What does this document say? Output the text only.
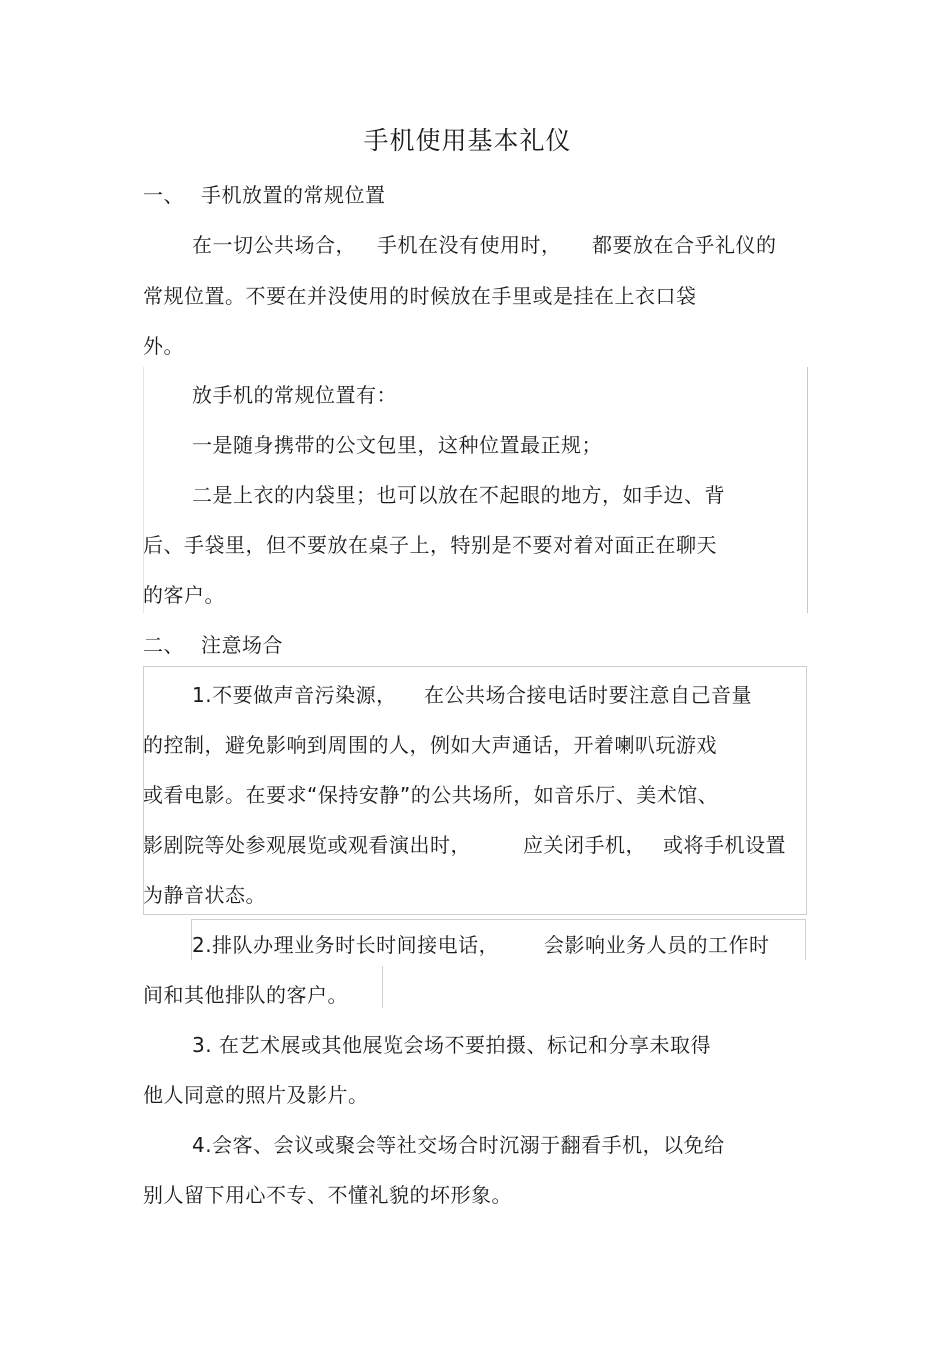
手机使用基本礼仪
一、 手机放置的常规位置
在一切公共场合， 手机在没有使用时， 都要放在合乎礼仪的
常规位置。不要在并没使用的时候放在手里或是挂在上衣口袋
外。
放手机的常规位置有：
一是随身携带的公文包里，这种位置最正规；
二是上衣的内袋里；也可以放在不起眼的地方，如手边、背
后、手袋里，但不要放在桌子上，特别是不要对着对面正在聊天
的客户。
二、 注意场合
1.不要做声音污染源， 在公共场合接电话时要注意自己音量
的控制，避免影响到周围的人，例如大声通话，开着喇叭玩游戏
或看电影。在要求“保持安静”的公共场所，如音乐厅、美术馆、
影剧院等处参观展览或观看演出时，	应关闭手机， 或将手机设置
为静音状态。
2.排队办理业务时长时间接电话， 会影响业务人员的工作时
间和其他排队的客户。
3. 在艺术展或其他展览会场不要拍摄、标记和分享未取得
他人同意的照片及影片。
4.会客、会议或聚会等社交场合时沉溺于翻看手机，以免给
别人留下用心不专、不懂礼貌的坏形象。
